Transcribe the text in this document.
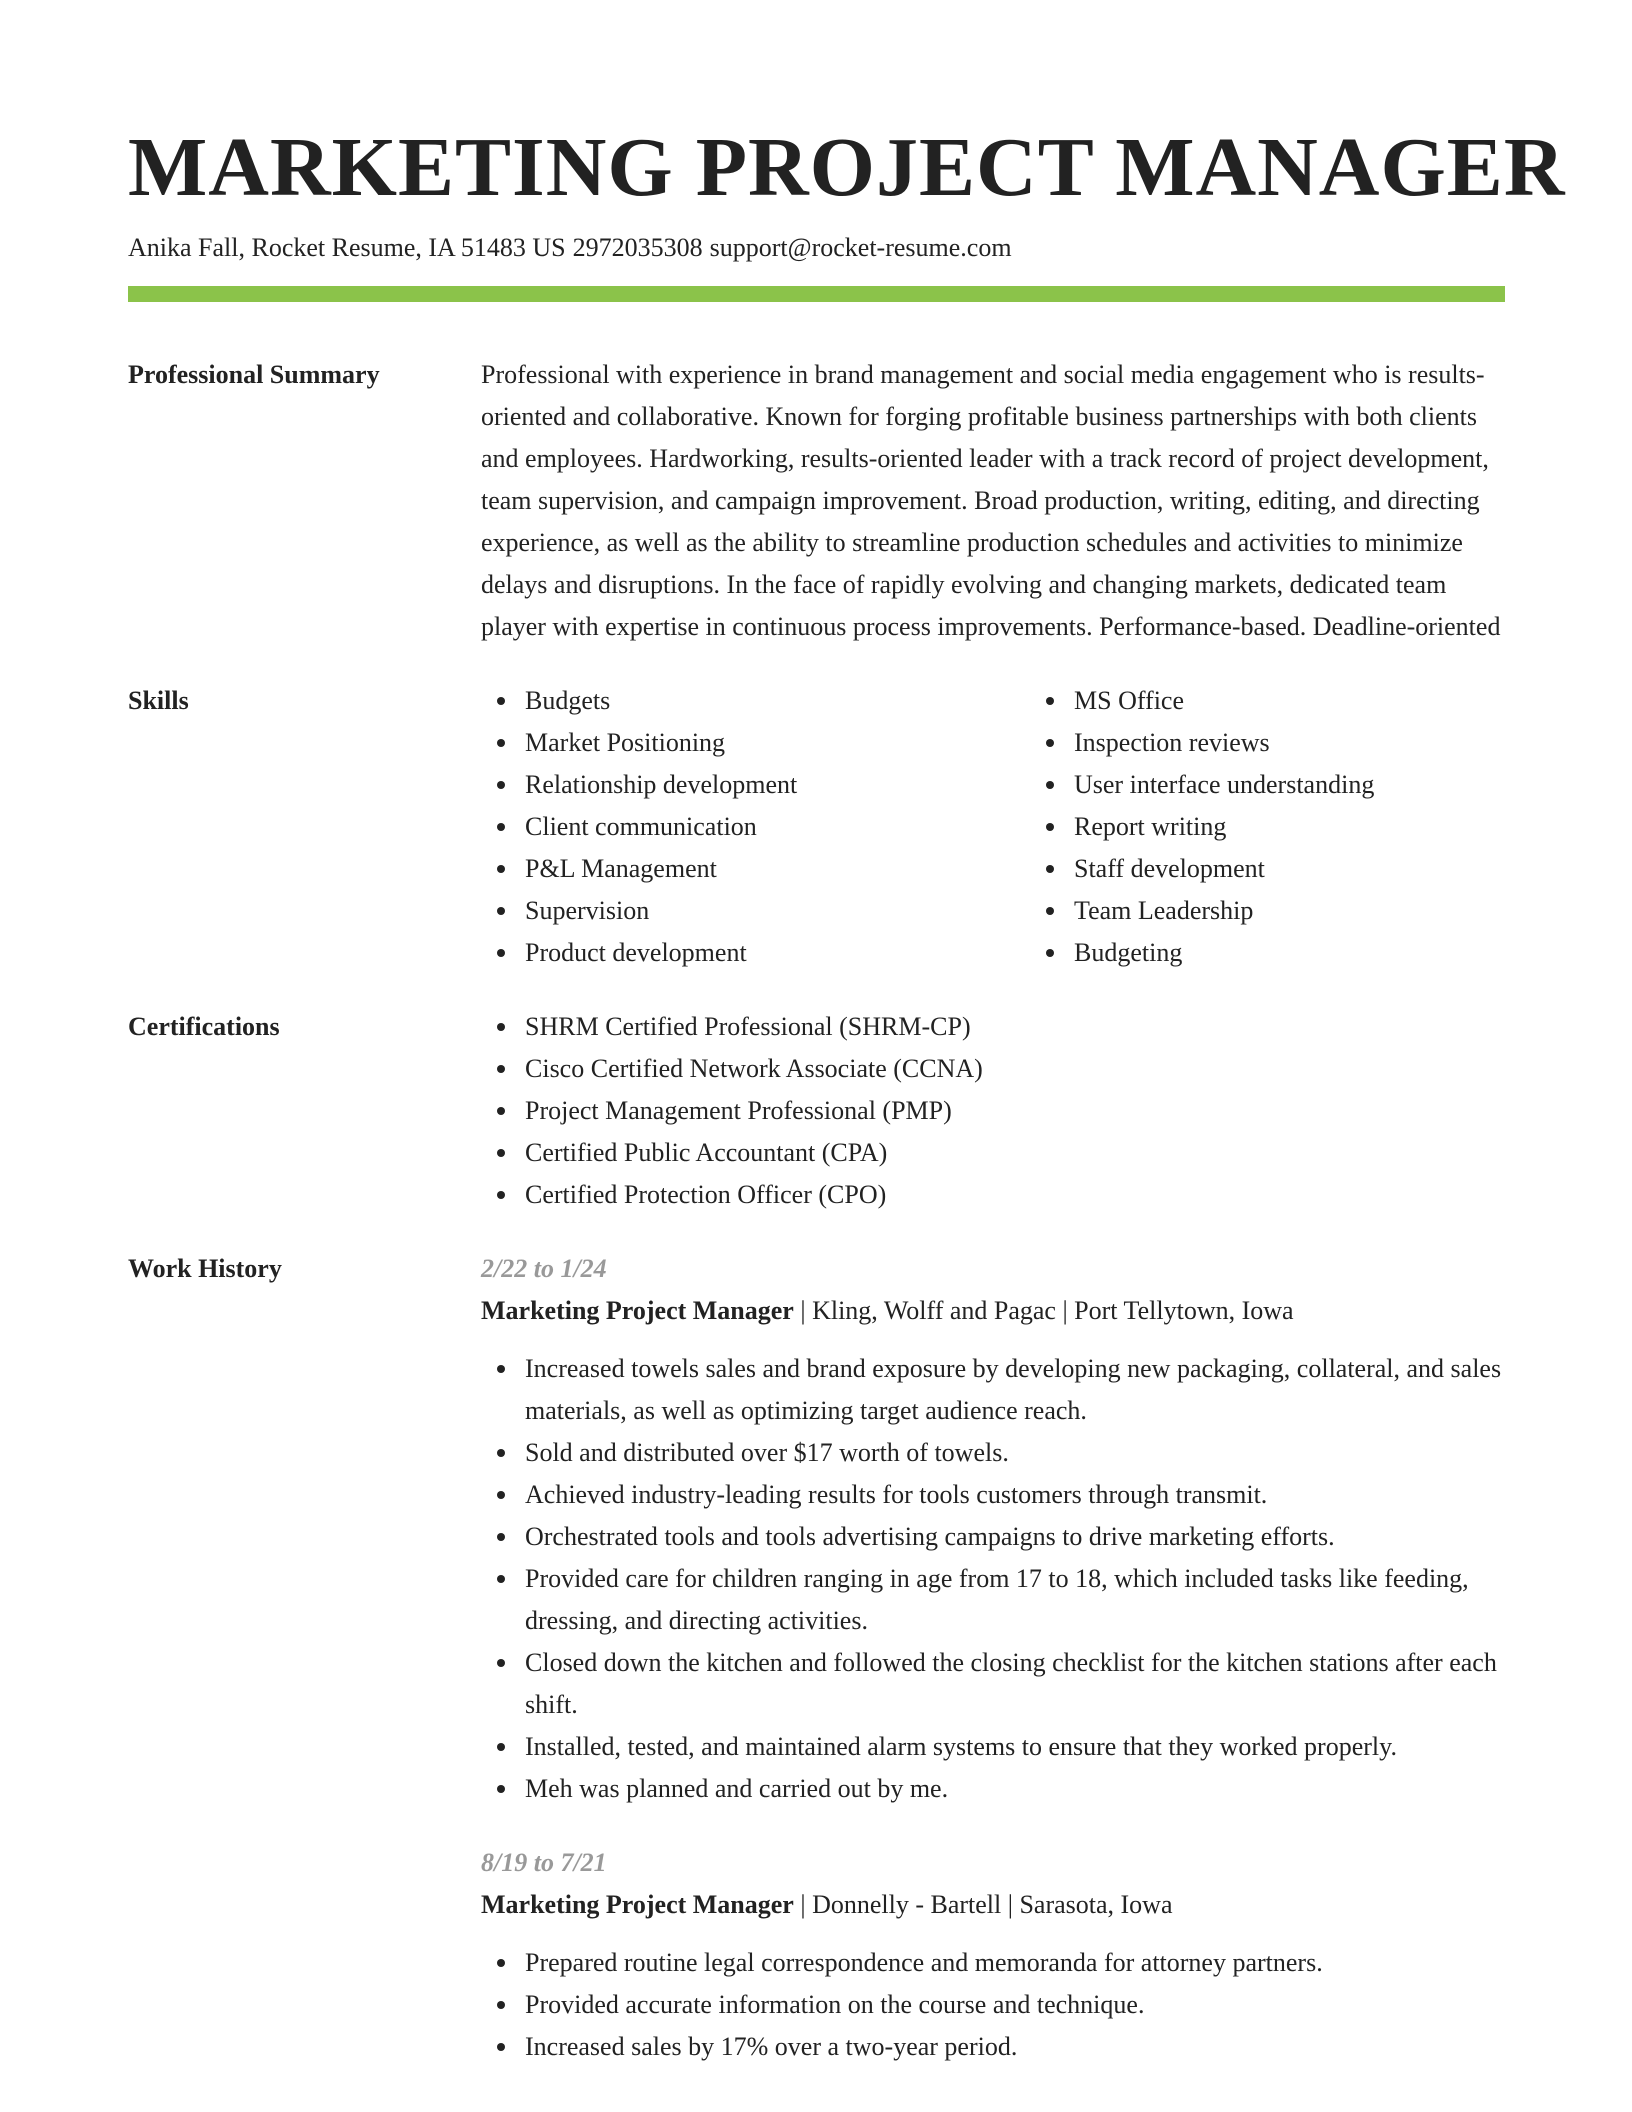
MARKETING PROJECT MANAGER
Anika Fall, Rocket Resume, IA 51483 US 2972035308 support@rocket-resume.com
Professional Summary	Professional with experience in brand management and social media engagement who is results-oriented and collaborative. Known for forging profitable business partnerships with both clients and employees. Hardworking, results-oriented leader with a track record of project development, team supervision, and campaign improvement. Broad production, writing, editing, and directing experience, as well as the ability to streamline production schedules and activities to minimize delays and disruptions. In the face of rapidly evolving and changing markets, dedicated team player with expertise in continuous process improvements. Performance-based. Deadline-oriented
Skills	Budgets
Market Positioning
Relationship development
Client communication
P&L Management
Supervision
Product development
MS Office
Inspection reviews
User interface understanding
Report writing
Staff development
Team Leadership
Budgeting
Certifications	SHRM Certified Professional (SHRM-CP)
Cisco Certified Network Associate (CCNA)
Project Management Professional (PMP)
Certified Public Accountant (CPA)
Certified Protection Officer (CPO)
Work History	2/22 to 1/24
Marketing Project Manager | Kling, Wolff and Pagac | Port Tellytown, Iowa
Increased towels sales and brand exposure by developing new packaging, collateral, and sales materials, as well as optimizing target audience reach.
Sold and distributed over $17 worth of towels.
Achieved industry-leading results for tools customers through transmit.
Orchestrated tools and tools advertising campaigns to drive marketing efforts.
Provided care for children ranging in age from 17 to 18, which included tasks like feeding, dressing, and directing activities.
Closed down the kitchen and followed the closing checklist for the kitchen stations after each shift.
Installed, tested, and maintained alarm systems to ensure that they worked properly.
Meh was planned and carried out by me.
8/19 to 7/21
Marketing Project Manager | Donnelly - Bartell | Sarasota, Iowa
Prepared routine legal correspondence and memoranda for attorney partners.
Provided accurate information on the course and technique.
Increased sales by 17% over a two-year period.
